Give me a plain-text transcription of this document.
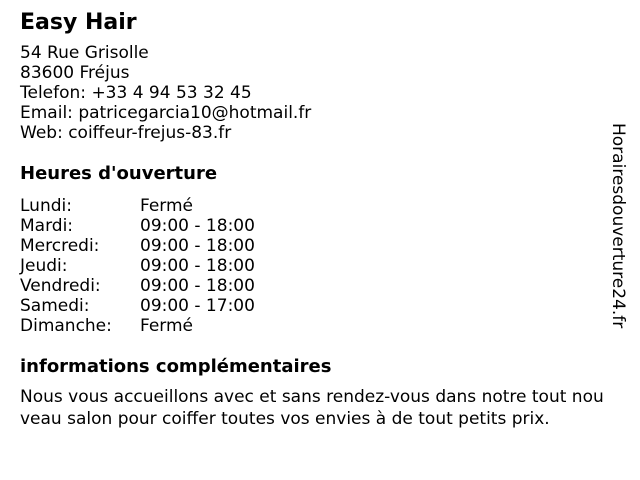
Easy Hair
54 Rue Grisolle
83600 Fréjus
Telefon: +33 4 94 53 32 45
Email: patricegarcia10@hotmail.fr
Web: coiffeur-frejus-83.fr
Heures d'ouverture
Lundi:	Fermé
Mardi:	09:00 - 18:00
Mercredi:	09:00 - 18:00
Jeudi:	09:00 - 18:00
Vendredi:	09:00 - 18:00
Samedi:	09:00 - 17:00
Dimanche:	Fermé
informations complémentaires

Nous vous accueillons avec et sans rendez-vous dans notre tout nou
veau salon pour coiffer toutes vos envies à de tout petits prix.

Horairesdouverture24.fr
